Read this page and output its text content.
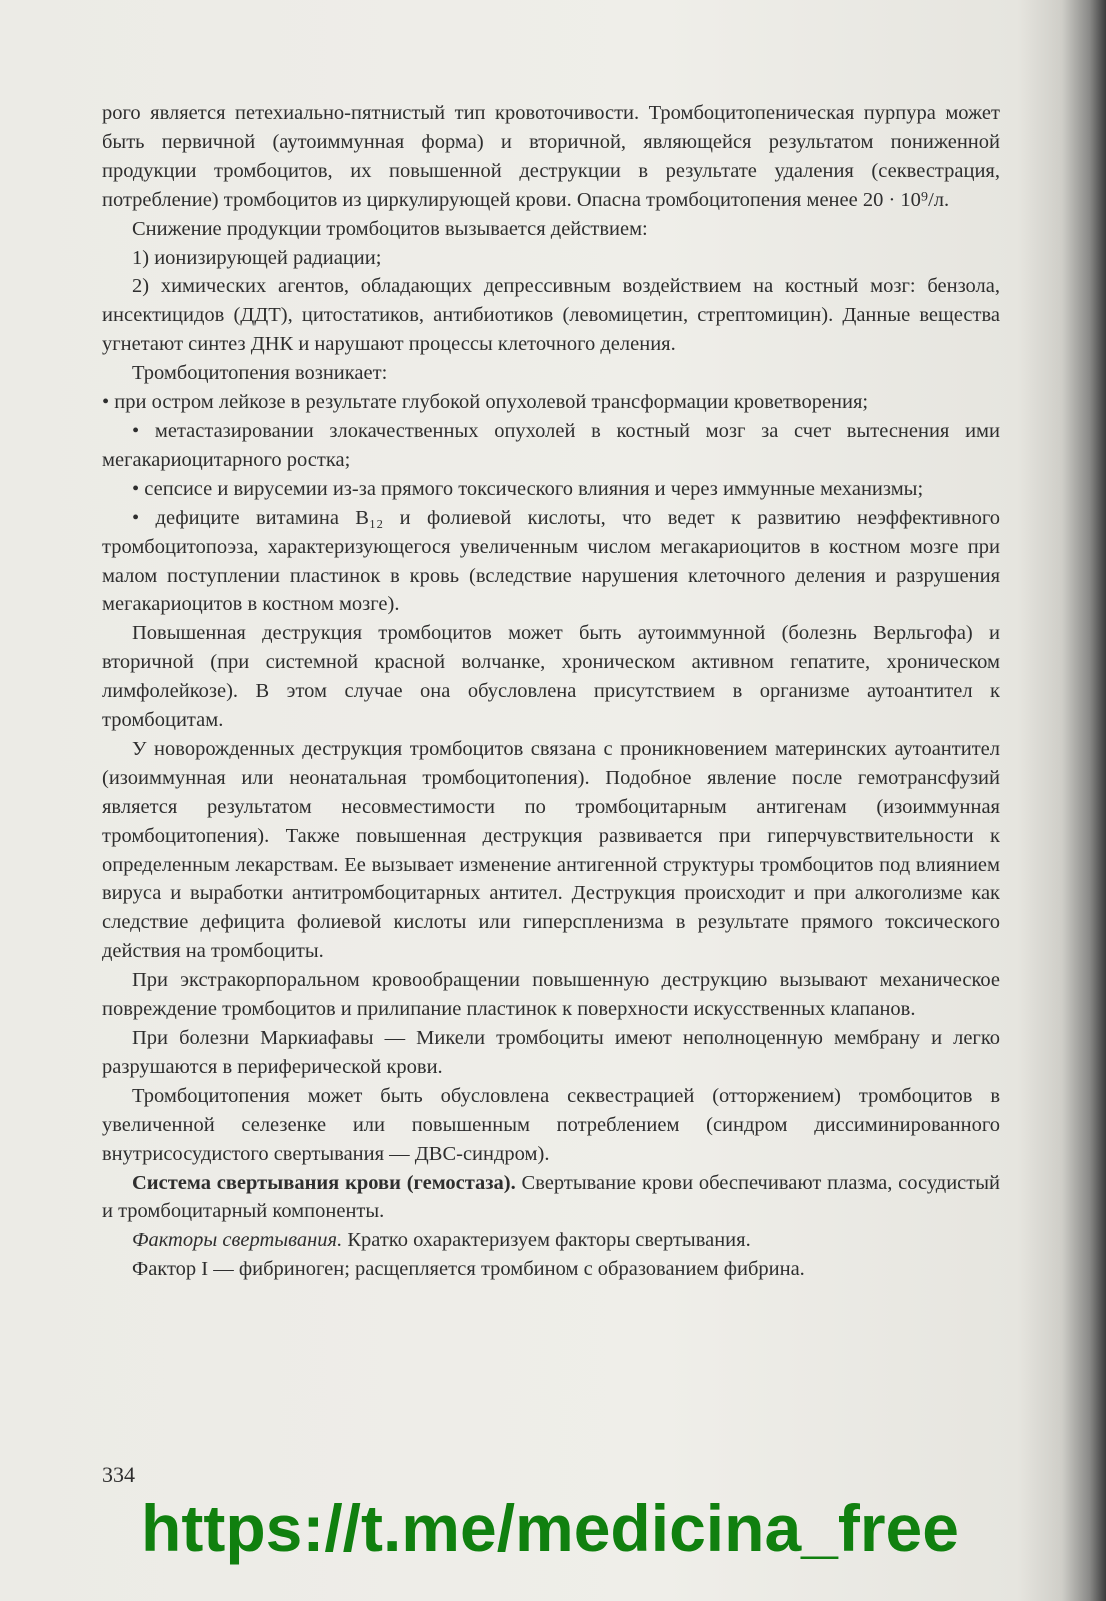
рого является петехиально-пятнистый тип кровоточивости. Тромбоцитопеническая пурпура может быть первичной (аутоиммунная форма) и вторичной, являющейся результатом пониженной продукции тромбоцитов, их повышенной деструкции в результате удаления (секвестрация, потребление) тромбоцитов из циркулирующей крови. Опасна тромбоцитопения менее 20 · 10⁹/л.

Снижение продукции тромбоцитов вызывается действием:

1) ионизирующей радиации;

2) химических агентов, обладающих депрессивным воздействием на костный мозг: бензола, инсектицидов (ДДТ), цитостатиков, антибиотиков (левомицетин, стрептомицин). Данные вещества угнетают синтез ДНК и нарушают процессы клеточного деления.

Тромбоцитопения возникает:

• при остром лейкозе в результате глубокой опухолевой трансформации кроветворения;

• метастазировании злокачественных опухолей в костный мозг за счет вытеснения ими мегакариоцитарного ростка;

• сепсисе и вирусемии из-за прямого токсического влияния и через иммунные механизмы;

• дефиците витамина B₁₂ и фолиевой кислоты, что ведет к развитию неэффективного тромбоцитопоэза, характеризующегося увеличенным числом мегакариоцитов в костном мозге при малом поступлении пластинок в кровь (вследствие нарушения клеточного деления и разрушения мегакариоцитов в костном мозге).

Повышенная деструкция тромбоцитов может быть аутоиммунной (болезнь Верльгофа) и вторичной (при системной красной волчанке, хроническом активном гепатите, хроническом лимфолейкозе). В этом случае она обусловлена присутствием в организме аутоантител к тромбоцитам.

У новорожденных деструкция тромбоцитов связана с проникновением материнских аутоантител (изоиммунная или неонатальная тромбоцитопения). Подобное явление после гемотрансфузий является результатом несовместимости по тромбоцитарным антигенам (изоиммунная тромбоцитопения). Также повышенная деструкция развивается при гиперчувствительности к определенным лекарствам. Ее вызывает изменение антигенной структуры тромбоцитов под влиянием вируса и выработки антитромбоцитарных антител. Деструкция происходит и при алкоголизме как следствие дефицита фолиевой кислоты или гиперспленизма в результате прямого токсического действия на тромбоциты.

При экстракорпоральном кровообращении повышенную деструкцию вызывают механическое повреждение тромбоцитов и прилипание пластинок к поверхности искусственных клапанов.

При болезни Маркиафавы — Микели тромбоциты имеют неполноценную мембрану и легко разрушаются в периферической крови.

Тромбоцитопения может быть обусловлена секвестрацией (отторжением) тромбоцитов в увеличенной селезенке или повышенным потреблением (синдром диссиминированного внутрисосудистого свертывания — ДВС-синдром).

Система свертывания крови (гемостаза). Свертывание крови обеспечивают плазма, сосудистый и тромбоцитарный компоненты.

Факторы свертывания. Кратко охарактеризуем факторы свертывания.

Фактор I — фибриноген; расщепляется тромбином с образованием фибрина.

334
https://t.me/medicina_free
